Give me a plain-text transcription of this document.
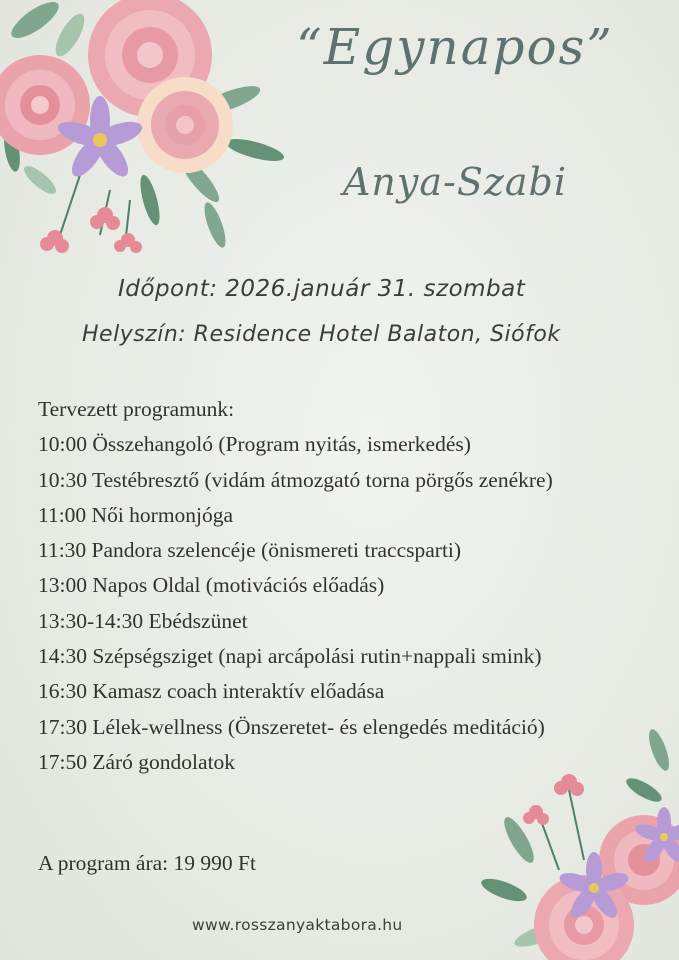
“Egynapos”
Anya-Szabi
Időpont: 2026.január 31. szombat
Helyszín: Residence Hotel Balaton, Siófok
Tervezett programunk:
10:00 Összehangoló (Program nyitás, ismerkedés)
10:30 Testébresztő (vidám átmozgató torna pörgős zenékre)
11:00 Női hormonjóga
11:30 Pandora szelencéje (önismereti traccsparti)
13:00 Napos Oldal (motivációs előadás)
13:30-14:30 Ebédszünet
14:30 Szépségsziget (napi arcápolási rutin+nappali smink)
16:30 Kamasz coach interaktív előadása
17:30 Lélek-wellness (Önszeretet- és elengedés meditáció)
17:50 Záró gondolatok
A program ára: 19 990 Ft
www.rosszanyaktabora.hu
